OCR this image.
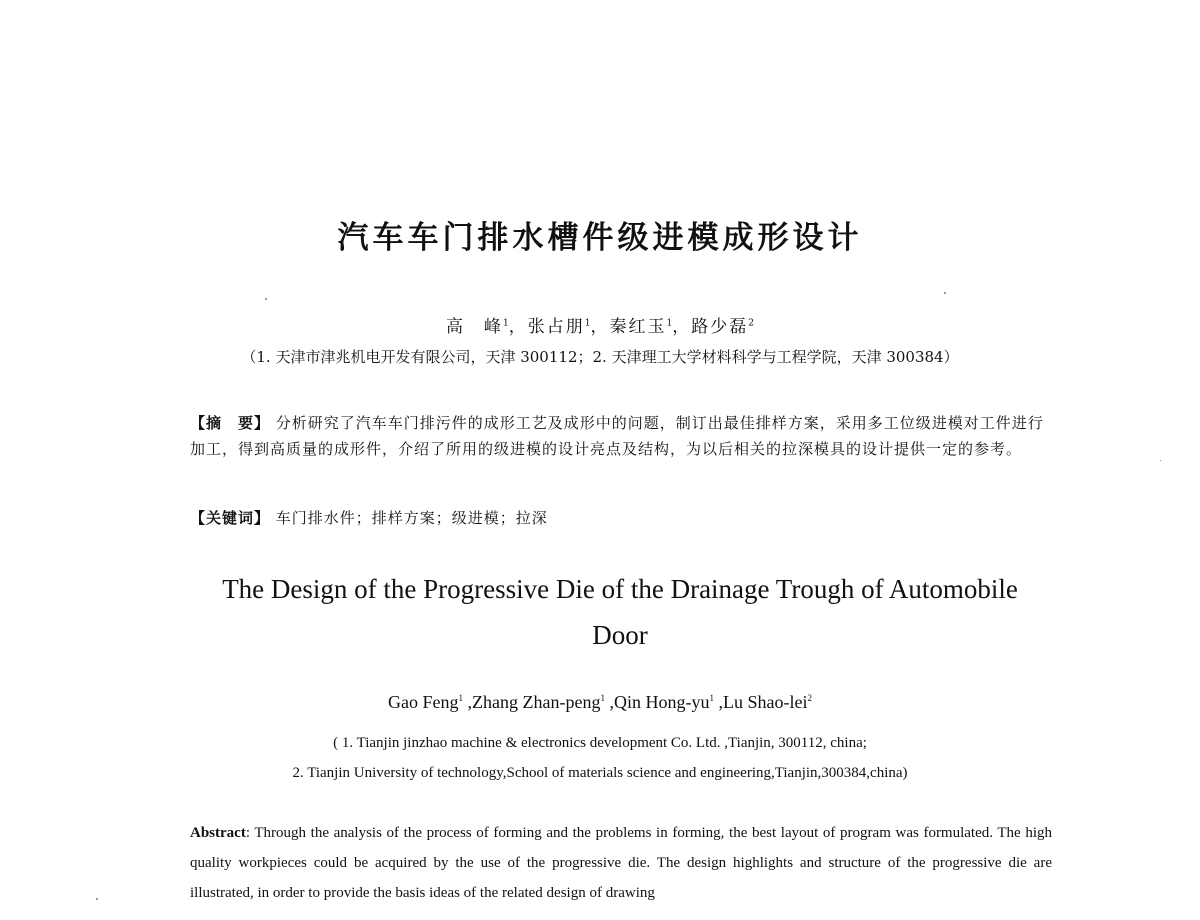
汽车车门排水槽件级进模成形设计
高　峰$^1$，张占朋$^1$，秦红玉$^1$，路少磊$^2$
（1. 天津市津兆机电开发有限公司，天津 300112；2. 天津理工大学材料科学与工程学院，天津 300384）
【摘　要】 分析研究了汽车车门排污件的成形工艺及成形中的问题，制订出最佳排样方案，采用多工位级进模对工件进行加工，得到高质量的成形件，介绍了所用的级进模的设计亮点及结构，为以后相关的拉深模具的设计提供一定的参考。
【关键词】 车门排水件；排样方案；级进模；拉深
The Design of the Progressive Die of the Drainage Trough of Automobile Door
Gao Feng$^1$ ,Zhang Zhan-peng$^1$ ,Qin Hong-$yu^1$ ,Lu Shao-lei$^2$
( 1. Tianjin jinzhao machine & electronics development Co. Ltd. ,Tianjin, 300112, china;
2. Tianjin University of technology,School of materials science and engineering,Tianjin,300384,china)
Abstract: Through the analysis of the process of forming and the problems in forming, the best layout of program was formulated. The high quality workpieces could be acquired by the use of the progressive die. The design highlights and structure of the progressive die are illustrated, in order to provide the basis ideas of the related design of drawing
